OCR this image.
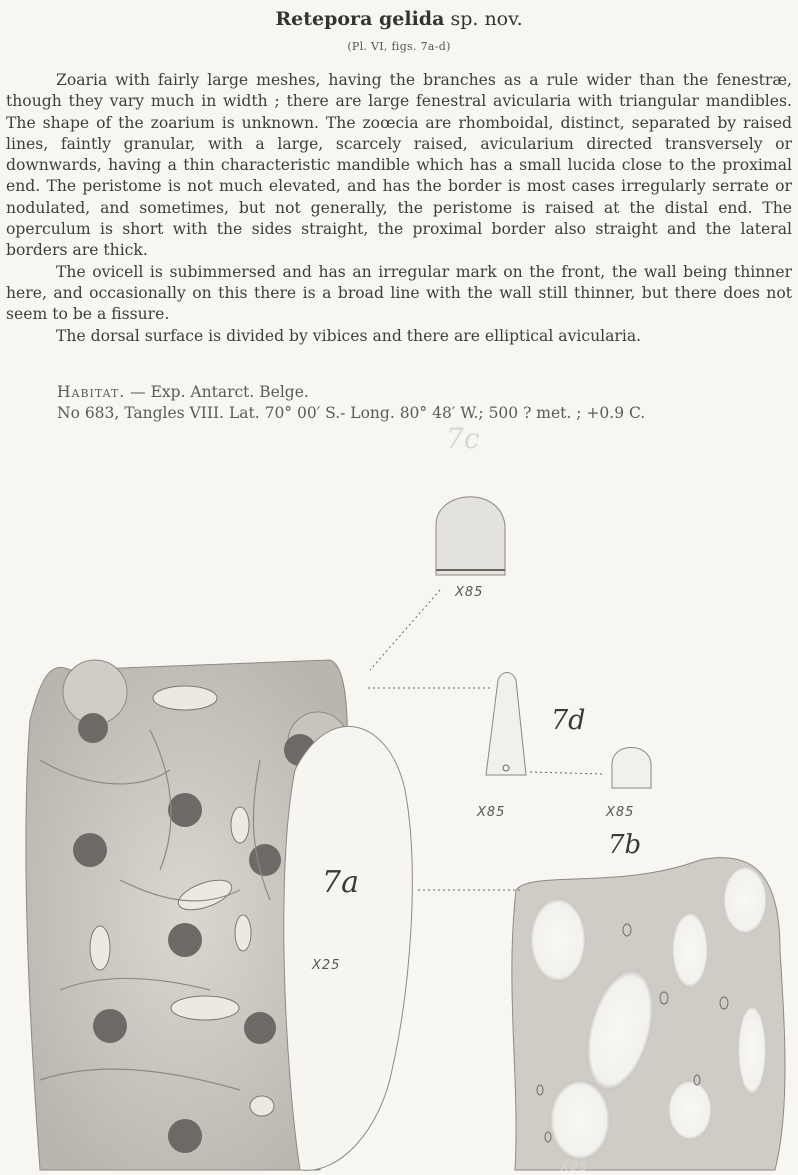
Retepora gelida sp. nov.
(Pl. VI, figs. 7a-d)

Zoaria with fairly large meshes, having the branches as a rule wider than the fenestræ, though they vary much in width ; there are large fenestral avicularia with triangular mandibles. The shape of the zoarium is unknown. The zoœcia are rhomboidal, distinct, separated by raised lines, faintly granular, with a large, scarcely raised, avicularium directed transversely or downwards, having a thin characteristic mandible which has a small lucida close to the proximal end. The peristome is not much elevated, and has the border is most cases irregularly serrate or nodulated, and sometimes, but not generally, the peristome is raised at the distal end. The operculum is short with the sides straight, the proximal border also straight and the lateral borders are thick.

The ovicell is subimmersed and has an irregular mark on the front, the wall being thinner here, and occasionally on this there is a broad line with the wall still thinner, but there does not seem to be a fissure.

The dorsal surface is divided by vibices and there are elliptical avicularia.

Habitat. — Exp. Antarct. Belge.
No 683, Tangles VIII. Lat. 70° 00′ S.- Long. 80° 48′ W.; 500 ? met. ; +0.9 C.
7c
X85
7d
X85	X85
7b
7a
X25
X25
